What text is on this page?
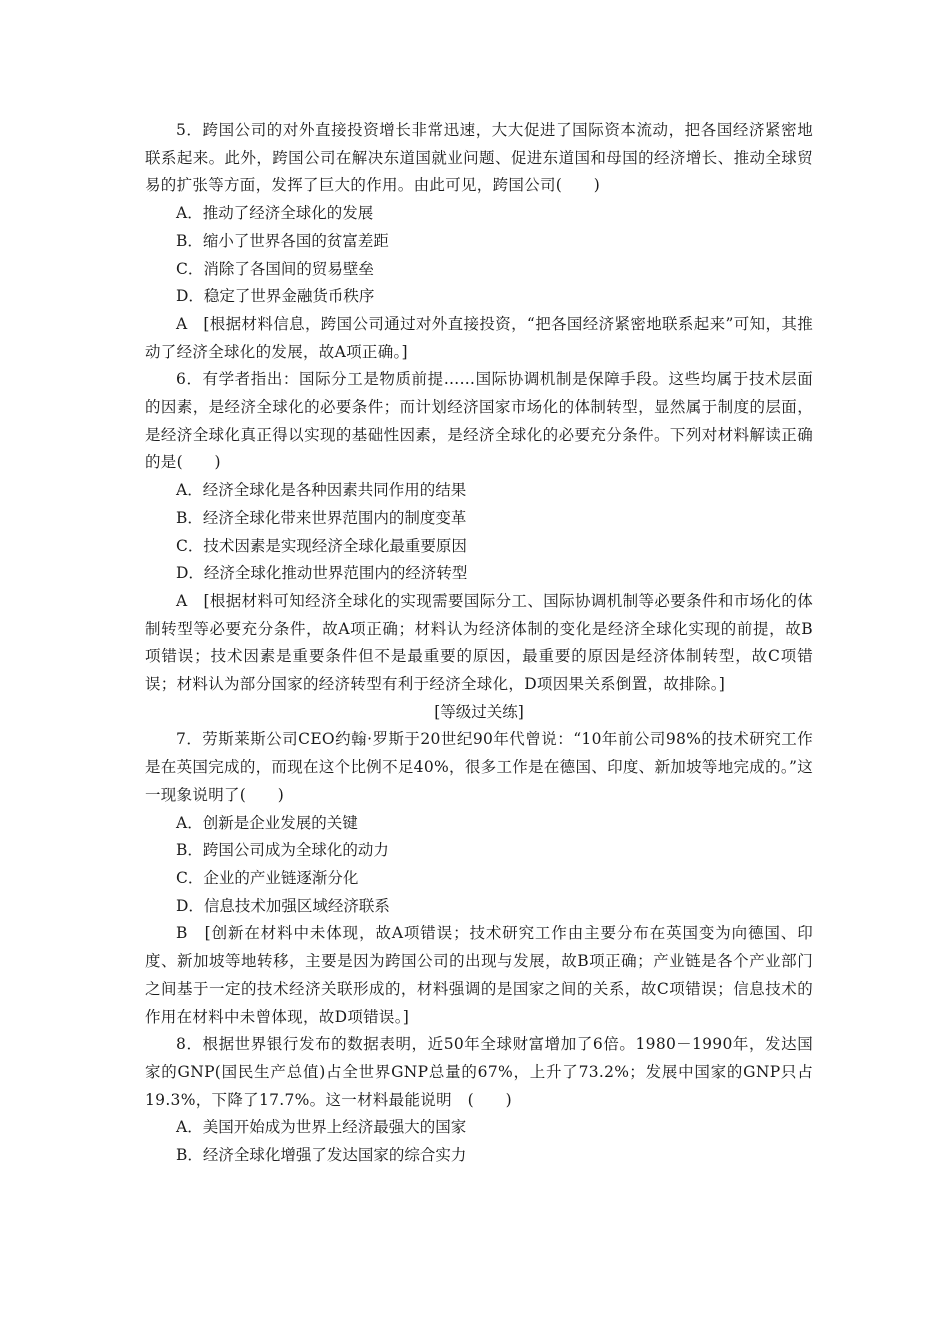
5．跨国公司的对外直接投资增长非常迅速，大大促进了国际资本流动，把各国经济紧密地联系起来。此外，跨国公司在解决东道国就业问题、促进东道国和母国的经济增长、推动全球贸易的扩张等方面，发挥了巨大的作用。由此可见，跨国公司(　　)

A．推动了经济全球化的发展

B．缩小了世界各国的贫富差距

C．消除了各国间的贸易壁垒

D．稳定了世界金融货币秩序

A　[根据材料信息，跨国公司通过对外直接投资，“把各国经济紧密地联系起来”可知，其推动了经济全球化的发展，故A项正确。]

6．有学者指出：国际分工是物质前提……国际协调机制是保障手段。这些均属于技术层面的因素，是经济全球化的必要条件；而计划经济国家市场化的体制转型，显然属于制度的层面，是经济全球化真正得以实现的基础性因素，是经济全球化的必要充分条件。下列对材料解读正确的是(　　)

A．经济全球化是各种因素共同作用的结果

B．经济全球化带来世界范围内的制度变革

C．技术因素是实现经济全球化最重要原因

D．经济全球化推动世界范围内的经济转型

A　[根据材料可知经济全球化的实现需要国际分工、国际协调机制等必要条件和市场化的体制转型等必要充分条件，故A项正确；材料认为经济体制的变化是经济全球化实现的前提，故B项错误；技术因素是重要条件但不是最重要的原因，最重要的原因是经济体制转型，故C项错误；材料认为部分国家的经济转型有利于经济全球化，D项因果关系倒置，故排除。]

[等级过关练]

7．劳斯莱斯公司CEO约翰·罗斯于20世纪90年代曾说：“10年前公司98%的技术研究工作是在英国完成的，而现在这个比例不足40%，很多工作是在德国、印度、新加坡等地完成的。”这一现象说明了(　　)

A．创新是企业发展的关键

B．跨国公司成为全球化的动力

C．企业的产业链逐渐分化

D．信息技术加强区域经济联系

B　[创新在材料中未体现，故A项错误；技术研究工作由主要分布在英国变为向德国、印度、新加坡等地转移，主要是因为跨国公司的出现与发展，故B项正确；产业链是各个产业部门之间基于一定的技术经济关联形成的，材料强调的是国家之间的关系，故C项错误；信息技术的作用在材料中未曾体现，故D项错误。]

8．根据世界银行发布的数据表明，近50年全球财富增加了6倍。1980－1990年，发达国家的GNP(国民生产总值)占全世界GNP总量的67%，上升了73.2%；发展中国家的GNP只占19.3%，下降了17.7%。这一材料最能说明　(　　)

A．美国开始成为世界上经济最强大的国家

B．经济全球化增强了发达国家的综合实力
